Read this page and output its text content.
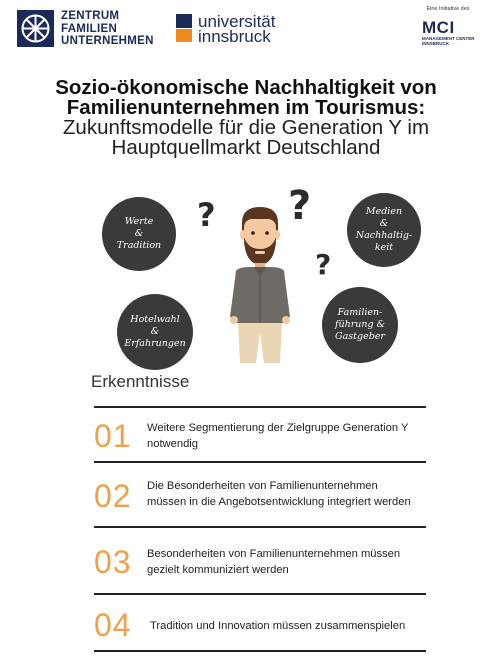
ZENTRUM
FAMILIEN
UNTERNEHMEN
universität
innsbruck
Eine Initiative des
MCI
MANAGEMENT CENTER
INNSBRUCK
Sozio-ökonomische Nachhaltigkeit von
Familienunternehmen im Tourismus:
Zukunftsmodelle für die Generation Y im
Hauptquellmarkt Deutschland
Werte
&
Tradition
Medien
&
Nachhaltig-
keit
Hotelwahl
&
Erfahrungen
Familien-
führung &
Gastgeber
? ?
?
Erkenntnisse
01 Weitere Segmentierung der Zielgruppe Generation Y
notwendig
02 Die Besonderheiten von Familienunternehmen
müssen in die Angebotsentwicklung integriert werden
03 Besonderheiten von Familienunternehmen müssen
gezielt kommuniziert werden
04 Tradition und Innovation müssen zusammenspielen
